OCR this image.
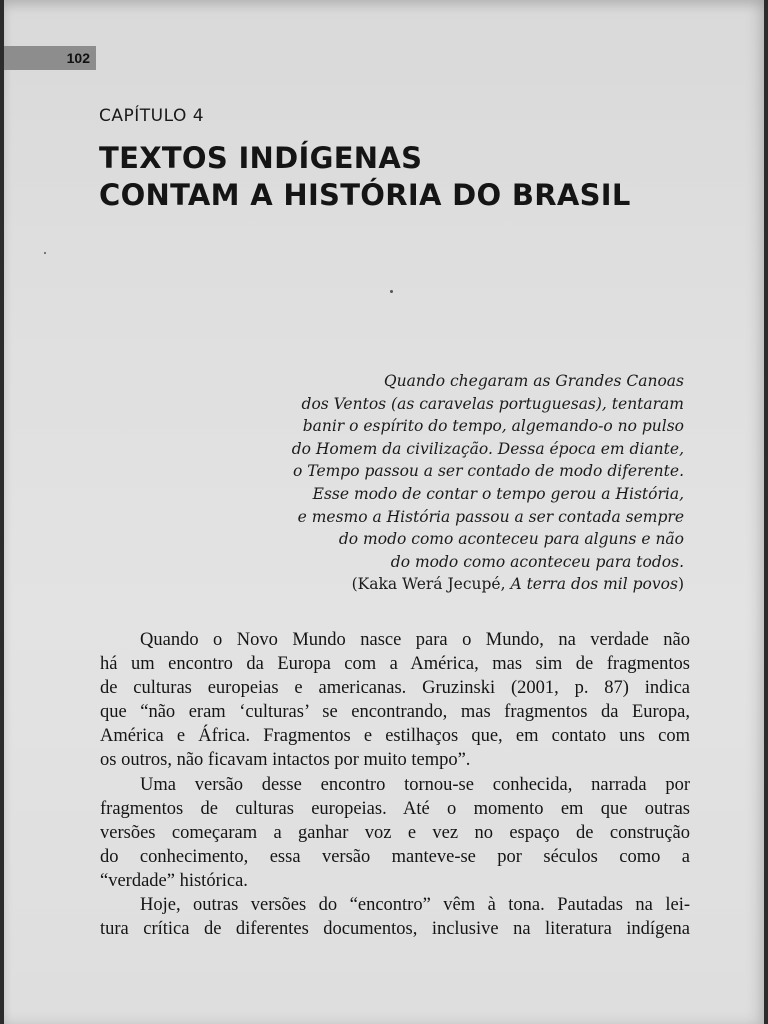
102
CAPÍTULO 4
TEXTOS INDÍGENAS
CONTAM A HISTÓRIA DO BRASIL
Quando chegaram as Grandes Canoas
dos Ventos (as caravelas portuguesas), tentaram
banir o espírito do tempo, algemando-o no pulso
do Homem da civilização. Dessa época em diante,
o Tempo passou a ser contado de modo diferente.
Esse modo de contar o tempo gerou a História,
e mesmo a História passou a ser contada sempre
do modo como aconteceu para alguns e não
do modo como aconteceu para todos.
(Kaka Werá Jecupé, A terra dos mil povos)
Quando o Novo Mundo nasce para o Mundo, na verdade não
há um encontro da Europa com a América, mas sim de fragmentos
de culturas europeias e americanas. Gruzinski (2001, p. 87) indica
que “não eram ‘culturas’ se encontrando, mas fragmentos da Europa,
América e África. Fragmentos e estilhaços que, em contato uns com
os outros, não ficavam intactos por muito tempo”.
Uma versão desse encontro tornou-se conhecida, narrada por
fragmentos de culturas europeias. Até o momento em que outras
versões começaram a ganhar voz e vez no espaço de construção
do conhecimento, essa versão manteve-se por séculos como a
“verdade” histórica.
Hoje, outras versões do “encontro” vêm à tona. Pautadas na lei-
tura crítica de diferentes documentos, inclusive na literatura indígena
